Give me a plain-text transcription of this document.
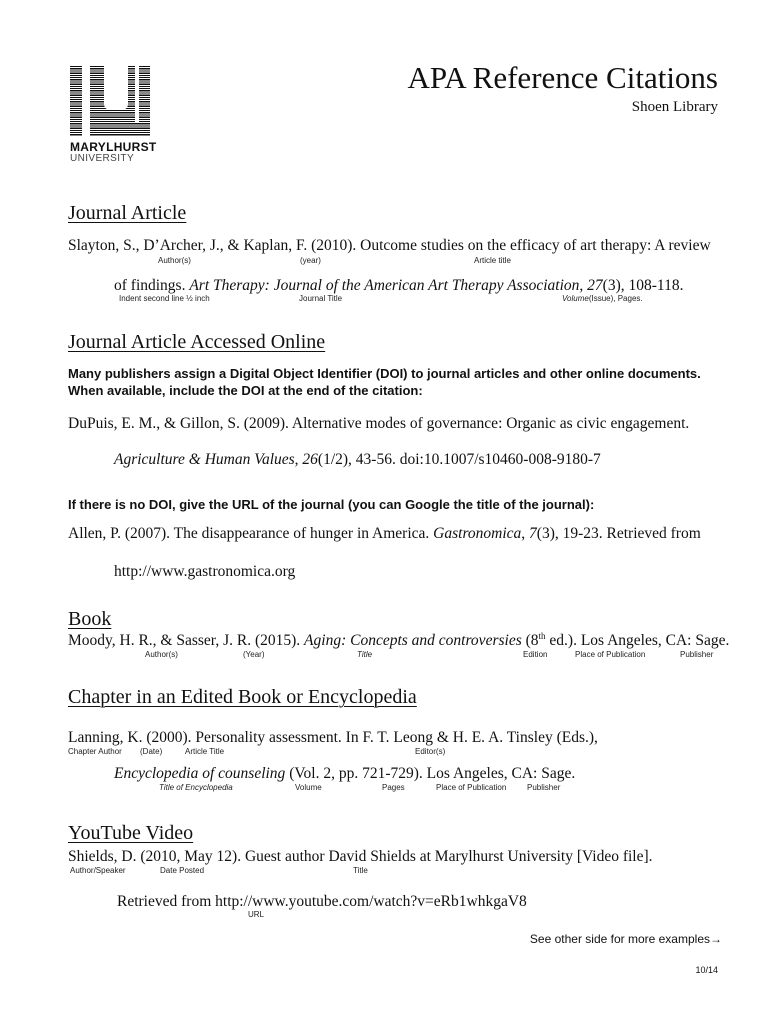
MARYLHURST
UNIVERSITY
APA Reference Citations
Shoen Library
Journal Article
Slayton, S., D’Archer, J., & Kaplan, F. (2010). Outcome studies on the efficacy of art therapy: A review
Author(s)	(year)	Article title
of findings. Art Therapy: Journal of the American Art Therapy Association, 27(3), 108-118.
Indent second line ½ inch	Journal Title	Volume(Issue), Pages.
Journal Article Accessed Online
Many publishers assign a Digital Object Identifier (DOI) to journal articles and other online documents. When available, include the DOI at the end of the citation:
DuPuis, E. M., & Gillon, S. (2009). Alternative modes of governance: Organic as civic engagement.
Agriculture & Human Values, 26(1/2), 43-56. doi:10.1007/s10460-008-9180-7
If there is no DOI, give the URL of the journal (you can Google the title of the journal):
Allen, P. (2007). The disappearance of hunger in America. Gastronomica, 7(3), 19-23. Retrieved from
http://www.gastronomica.org
Book
Moody, H. R., & Sasser, J. R. (2015). Aging: Concepts and controversies (8th ed.). Los Angeles, CA: Sage.
Author(s)	(Year)	Title	Edition	Place of Publication	Publisher
Chapter in an Edited Book or Encyclopedia
Lanning, K. (2000). Personality assessment. In F. T. Leong & H. E. A. Tinsley (Eds.),
Chapter Author (Date)	Article Title	Editor(s)
Encyclopedia of counseling (Vol. 2, pp. 721-729). Los Angeles, CA: Sage.
Title of Encyclopedia	Volume	Pages	Place of Publication	Publisher
YouTube Video
Shields, D. (2010, May 12). Guest author David Shields at Marylhurst University [Video file].
Author/Speaker	Date Posted	Title
Retrieved from http://www.youtube.com/watch?v=eRb1whkgaV8
URL
See other side for more examples→
10/14
